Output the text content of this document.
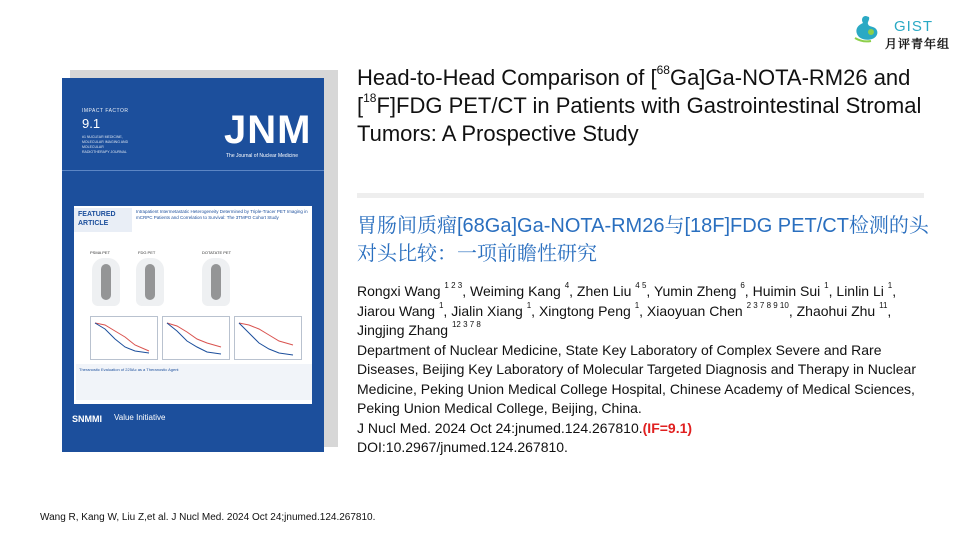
GIST
月评青年组
IMPACT FACTOR
9.1
#1 NUCLEAR MEDICINE, MOLECULAR IMAGING AND MOLECULAR RADIOTHERAPY JOURNAL JNM
The Journal of Nuclear Medicine
FEATURED ARTICLE
Intrapatient Intermetastatic Heterogeneity Determined by Triple-Tracer PET Imaging in mCRPC Patients and Correlation to Survival: The 3TMPO Cohort Study
PSMA PET	FDG PET	DOTATATE PET
Theranostic Evaluation of 225Ac as a Theranostic Agent
SNMMI Value Initiative
Head-to-Head Comparison of [$^{68}$Ga]Ga-NOTA-RM26 and [$^{18}$F]FDG PET/CT in Patients with Gastrointestinal Stromal Tumors: A Prospective Study
胃肠间质瘤[68Ga]Ga-NOTA-RM26与[18F]FDG PET/CT检测的头对头比较：一项前瞻性研究
Rongxi Wang $^{1 2 3}$, Weiming Kang $^4$, Zhen Liu $^{4 5}$, Yumin Zheng $^6$, Huimin Sui $^1$, Linlin Li $^1$, Jiarou Wang $^1$, Jialin Xiang $^1$, Xingtong Peng $^1$, Xiaoyuan Chen $^{2 3 7 8 9 10}$, Zhaohui Zhu $^{11}$, Jingjing Zhang $^{12 3 7 8}$
Department of Nuclear Medicine, State Key Laboratory of Complex Severe and Rare Diseases, Beijing Key Laboratory of Molecular Targeted Diagnosis and Therapy in Nuclear Medicine, Peking Union Medical College Hospital, Chinese Academy of Medical Sciences, Peking Union Medical College, Beijing, China.
J Nucl Med. 2024 Oct 24:jnumed.124.267810.(IF=9.1)
DOI:10.2967/jnumed.124.267810.
Wang R, Kang W, Liu Z,et al. J Nucl Med. 2024 Oct 24;jnumed.124.267810.
